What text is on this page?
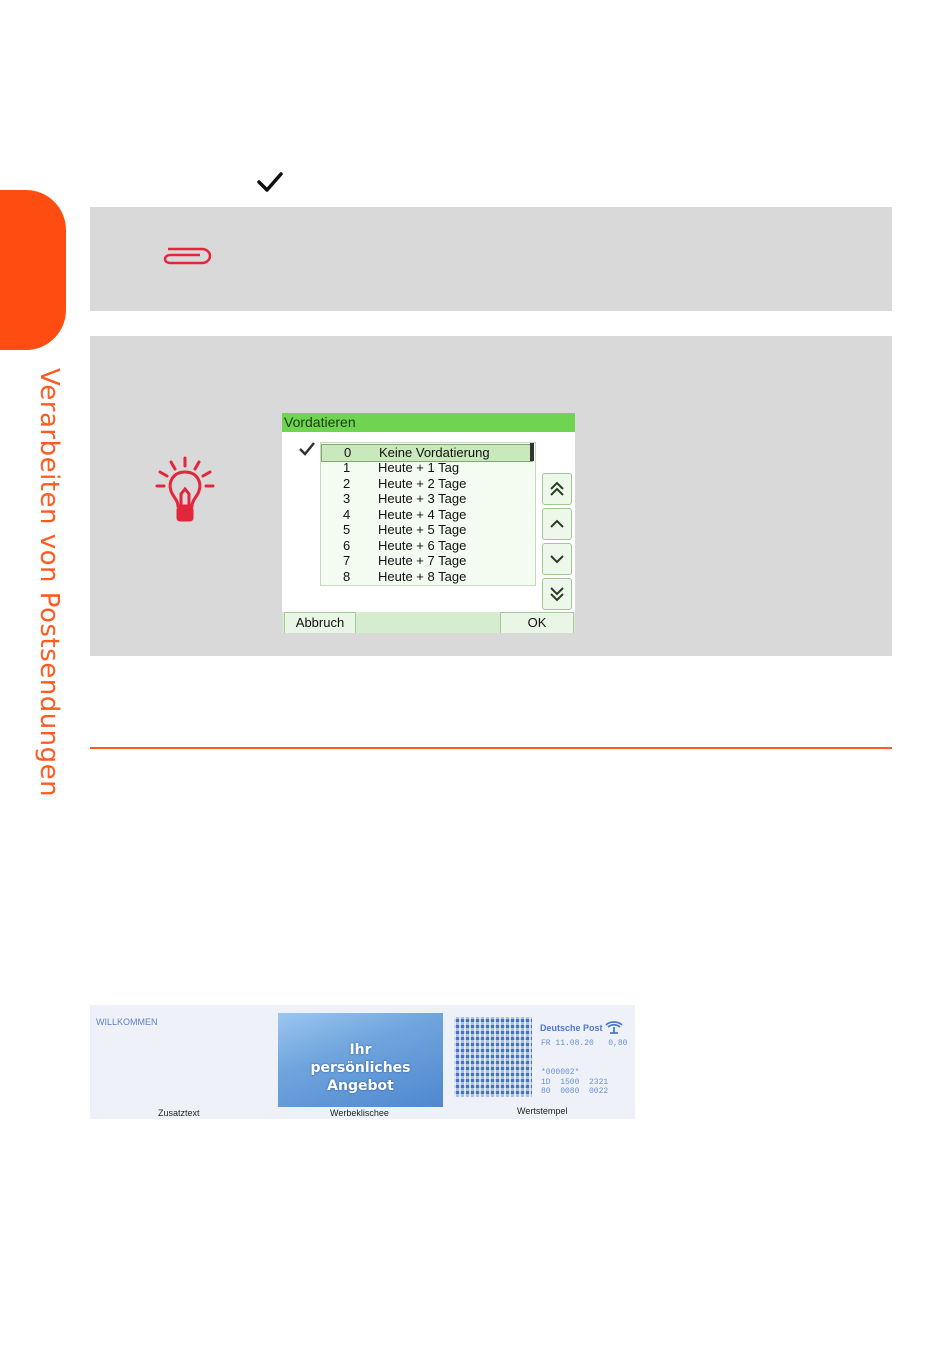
Verarbeiten von Postsendungen	Vordatieren
0 Keine Vordatierung
1 Heute + 1 Tag
2 Heute + 2 Tage
3 Heute + 3 Tage
4 Heute + 4 Tage
5 Heute + 5 Tage
6 Heute + 6 Tage
7 Heute + 7 Tage
8 Heute + 8 Tage
Abbruch	OK
WILLKOMMEN
Ihr
persönliches
Angebot
Deutsche Post
FR 11.08.20   0,80
*000002*
1D  1500  2321
80  0080  0022
Zusatztext	Werbeklischee	Wertstempel
